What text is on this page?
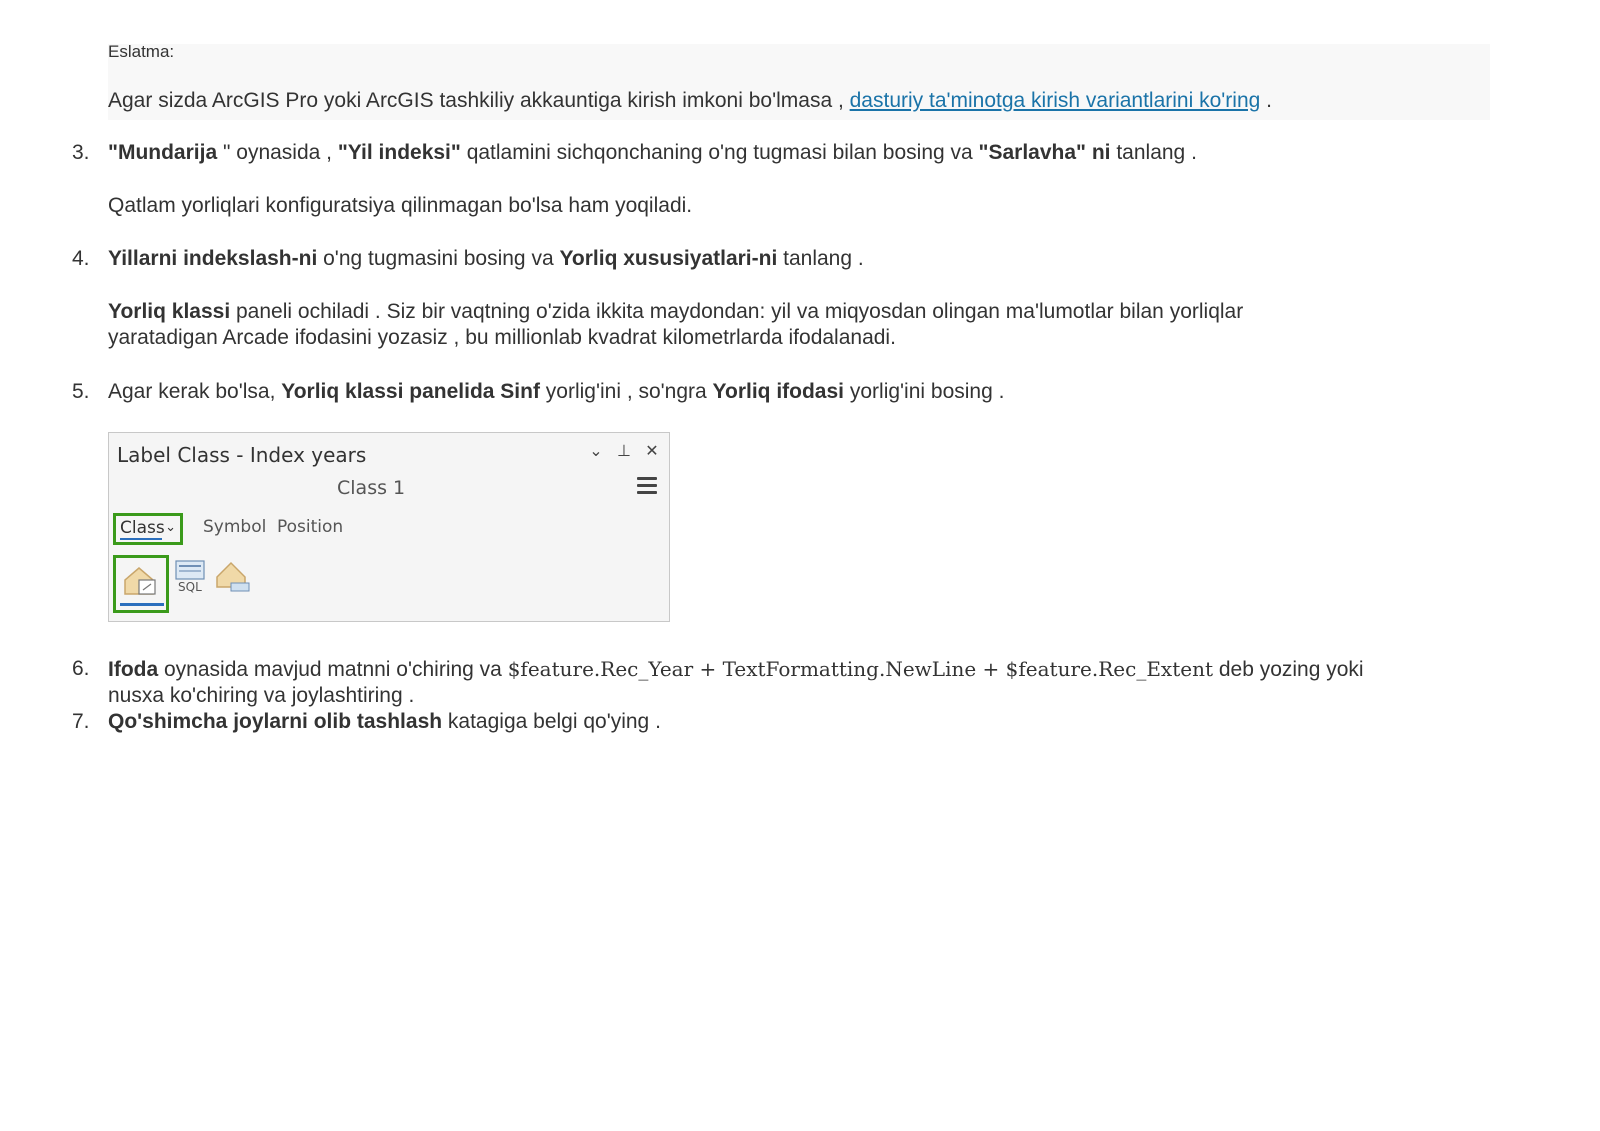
Eslatma:
Agar sizda ArcGIS Pro yoki ArcGIS tashkiliy akkauntiga kirish imkoni bo'lmasa , dasturiy ta'minotga kirish variantlarini ko'ring .
3. "Mundarija " oynasida , "Yil indeksi" qatlamini sichqonchaning o'ng tugmasi bilan bosing va "Sarlavha" ni tanlang .
Qatlam yorliqlari konfiguratsiya qilinmagan bo'lsa ham yoqiladi.
4. Yillarni indekslash-ni o'ng tugmasini bosing va Yorliq xususiyatlari-ni tanlang .
Yorliq klassi paneli ochiladi . Siz bir vaqtning o'zida ikkita maydondan: yil va miqyosdan olingan ma'lumotlar bilan yorliqlar
yaratadigan Arcade ifodasini yozasiz , bu millionlab kvadrat kilometrlarda ifodalanadi.
5. Agar kerak bo'lsa, Yorliq klassi panelida Sinf yorlig'ini , so'ngra Yorliq ifodasi yorlig'ini bosing .
Label Class - Index years	⌄ ⊥ ✕
Class 1
Class ⌄ Symbol Position
SQL
6. Ifoda oynasida mavjud matnni o'chiring va $feature.Rec_Year + TextFormatting.NewLine + $feature.Rec_Extent deb yozing yoki
nusxa ko'chiring va joylashtiring .
7. Qo'shimcha joylarni olib tashlash katagiga belgi qo'ying .
